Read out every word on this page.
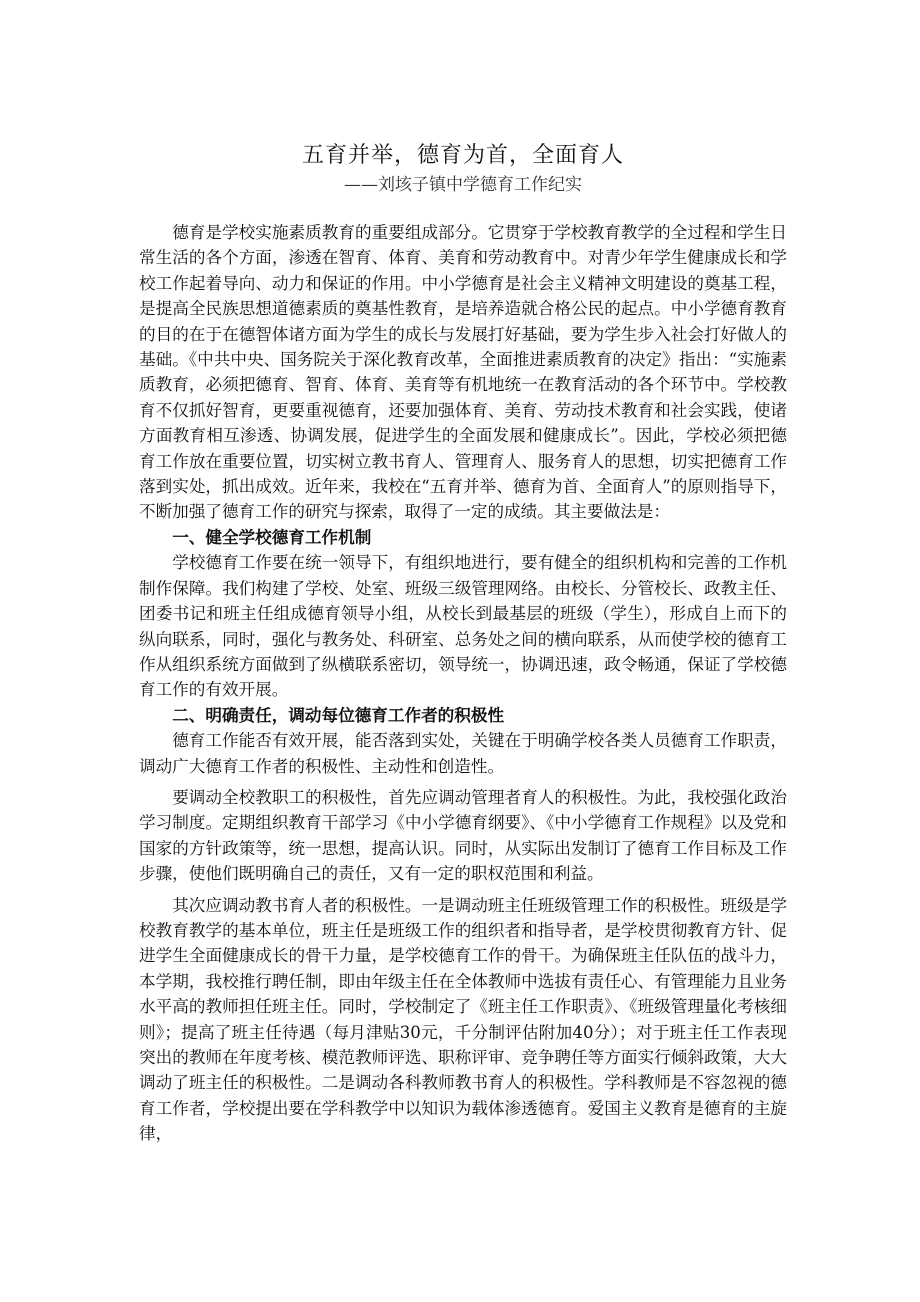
五育并举，德育为首，全面育人
——刘垓子镇中学德育工作纪实

德育是学校实施素质教育的重要组成部分。它贯穿于学校教育教学的全过程和学生日常生活的各个方面，渗透在智育、体育、美育和劳动教育中。对青少年学生健康成长和学校工作起着导向、动力和保证的作用。中小学德育是社会主义精神文明建设的奠基工程，是提高全民族思想道德素质的奠基性教育，是培养造就合格公民的起点。中小学德育教育的目的在于在德智体诸方面为学生的成长与发展打好基础，要为学生步入社会打好做人的基础。《中共中央、国务院关于深化教育改革，全面推进素质教育的决定》指出：“实施素质教育，必须把德育、智育、体育、美育等有机地统一在教育活动的各个环节中。学校教育不仅抓好智育，更要重视德育，还要加强体育、美育、劳动技术教育和社会实践，使诸方面教育相互渗透、协调发展，促进学生的全面发展和健康成长”。因此，学校必须把德育工作放在重要位置，切实树立教书育人、管理育人、服务育人的思想，切实把德育工作落到实处，抓出成效。近年来，我校在“五育并举、德育为首、全面育人”的原则指导下，不断加强了德育工作的研究与探索，取得了一定的成绩。其主要做法是：

一、健全学校德育工作机制

学校德育工作要在统一领导下，有组织地进行，要有健全的组织机构和完善的工作机制作保障。我们构建了学校、处室、班级三级管理网络。由校长、分管校长、政教主任、团委书记和班主任组成德育领导小组，从校长到最基层的班级（学生），形成自上而下的纵向联系，同时，强化与教务处、科研室、总务处之间的横向联系，从而使学校的德育工作从组织系统方面做到了纵横联系密切，领导统一，协调迅速，政令畅通，保证了学校德育工作的有效开展。

二、明确责任，调动每位德育工作者的积极性

德育工作能否有效开展，能否落到实处，关键在于明确学校各类人员德育工作职责，调动广大德育工作者的积极性、主动性和创造性。

要调动全校教职工的积极性，首先应调动管理者育人的积极性。为此，我校强化政治学习制度。定期组织教育干部学习《中小学德育纲要》、《中小学德育工作规程》以及党和国家的方针政策等，统一思想，提高认识。同时，从实际出发制订了德育工作目标及工作步骤，使他们既明确自己的责任，又有一定的职权范围和利益。

其次应调动教书育人者的积极性。一是调动班主任班级管理工作的积极性。班级是学校教育教学的基本单位，班主任是班级工作的组织者和指导者，是学校贯彻教育方针、促进学生全面健康成长的骨干力量，是学校德育工作的骨干。为确保班主任队伍的战斗力，本学期，我校推行聘任制，即由年级主任在全体教师中选拔有责任心、有管理能力且业务水平高的教师担任班主任。同时，学校制定了《班主任工作职责》、《班级管理量化考核细则》；提高了班主任待遇（每月津贴30元，千分制评估附加40分）；对于班主任工作表现突出的教师在年度考核、模范教师评选、职称评审、竞争聘任等方面实行倾斜政策，大大调动了班主任的积极性。二是调动各科教师教书育人的积极性。学科教师是不容忽视的德育工作者，学校提出要在学科教学中以知识为载体渗透德育。爱国主义教育是德育的主旋律，
